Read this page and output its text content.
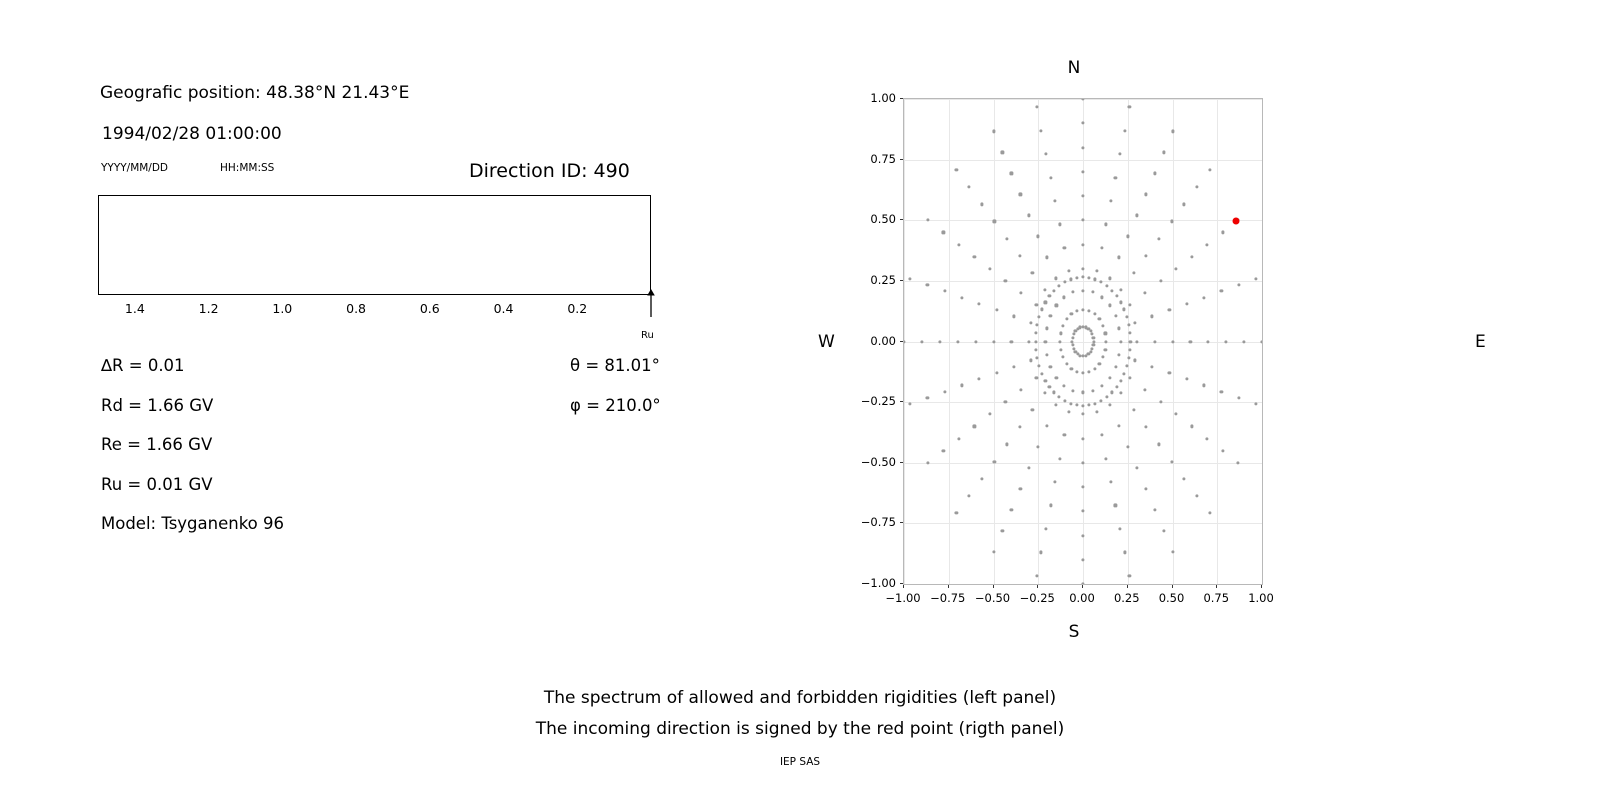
Geografic position: 48.38°N 21.43°E
1994/02/28 01:00:00
YYYY/MM/DD	HH:MM:SS	Direction ID: 490
1.4	1.2	1.0	0.8	0.6	0.4	0.2
Ru
∆R = 0.01
Rd = 1.66 GV
Re = 1.66 GV
Ru = 0.01 GV
Model: Tsyganenko 96
θ = 81.01°
φ = 210.0°
−1.00 −0.75 −0.50 −0.25 0.00 0.25 0.50 0.75 1.00
−1.00
−0.75
−0.50
−0.25
0.00
0.25
0.50
0.75
1.00
N
S
W	E
The spectrum of allowed and forbidden rigidities (left panel)
The incoming direction is signed by the red point (rigth panel)
IEP SAS
